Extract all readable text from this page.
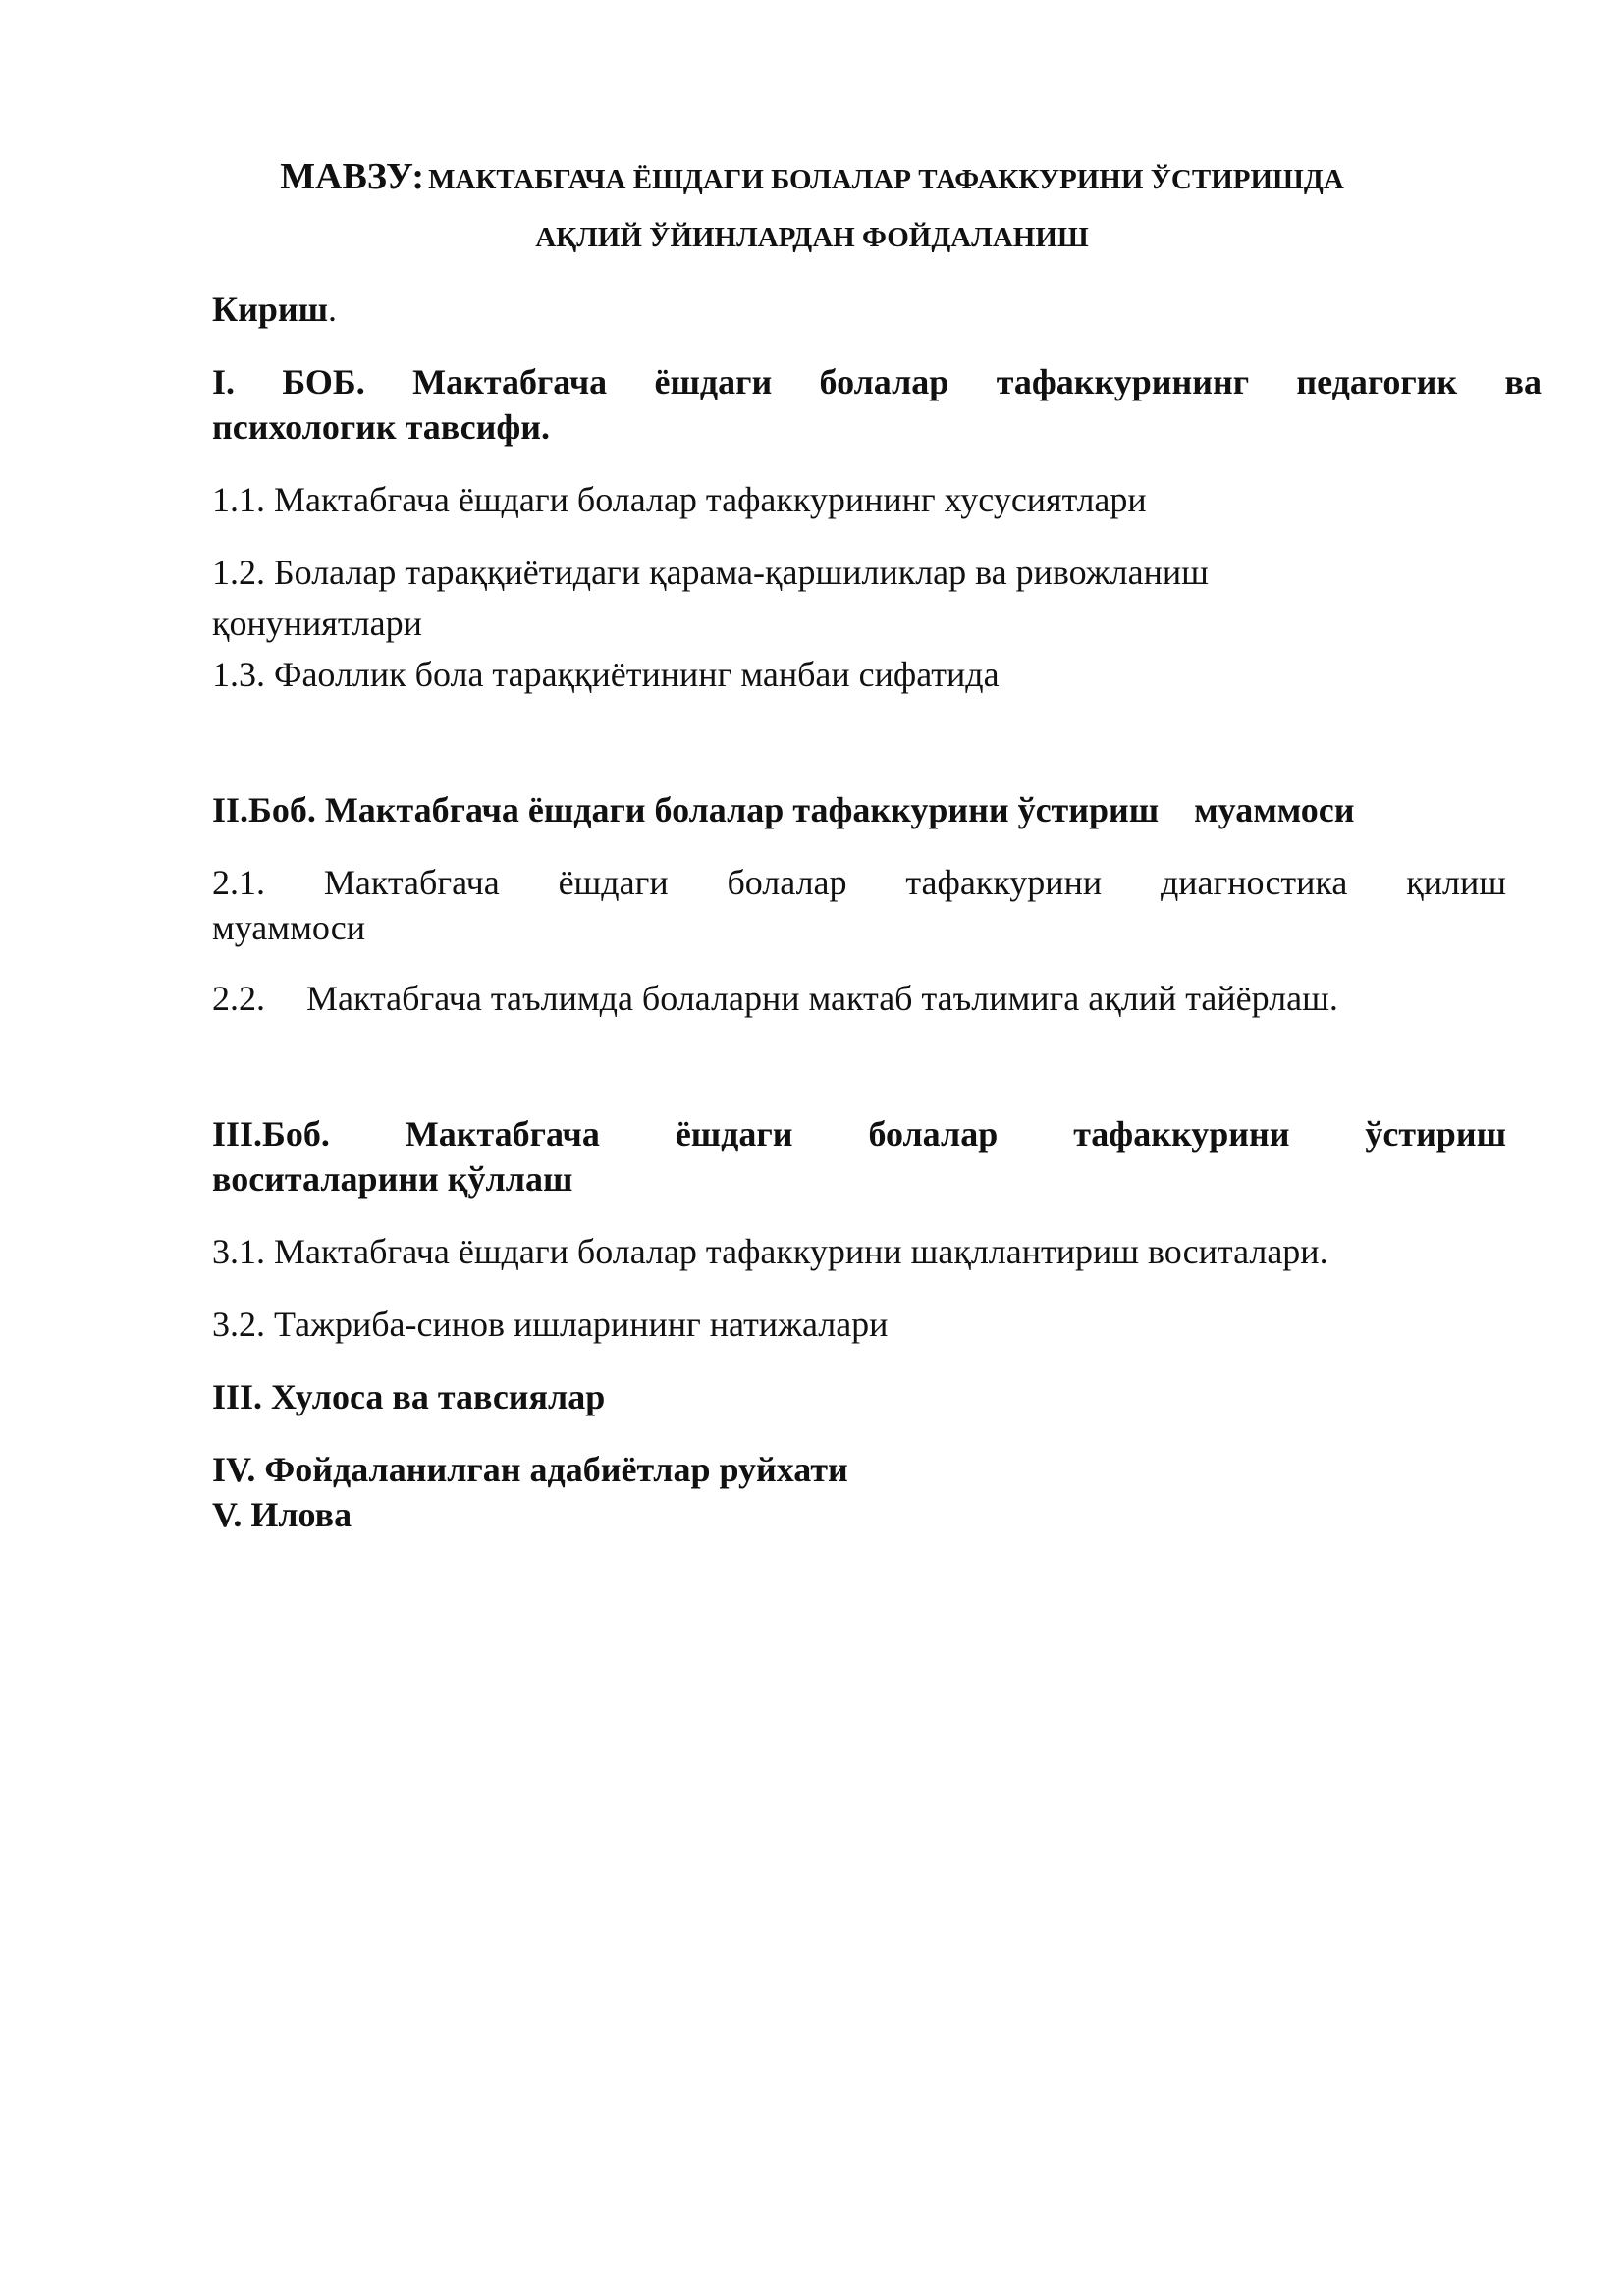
МАВЗУ: МАКТАБГАЧА ЁШДАГИ БОЛАЛАР ТАФАККУРИНИ ЎСТИРИШДА
АҚЛИЙ ЎЙИНЛАРДАН ФОЙДАЛАНИШ
Кириш.
I. БОБ. Мактабгача ёшдаги болалар тафаккурининг педагогик ва
психологик тавсифи.
1.1. Мактабгача ёшдаги болалар тафаккурининг хусусиятлари
1.2. Болалар тараққиётидаги қарама-қаршиликлар ва ривожланиш
қонуниятлари
1.3. Фаоллик бола тараққиётининг манбаи сифатида
II.Боб. Мактабгача ёшдаги болалар тафаккурини ўстириш    муаммоси
2.1. Мактабгача ёшдаги болалар тафаккурини диагностика қилиш
муаммоси
2.2. Мактабгача таълимда болаларни мактаб таълимига ақлий тайёрлаш.
III.Боб. Мактабгача ёшдаги болалар тафаккурини ўстириш
воситаларини қўллаш
3.1. Мактабгача ёшдаги болалар тафаккурини шақллантириш воситалари.
3.2. Тажриба-синов ишларининг натижалари
III. Хулоса ва тавсиялар
IV. Фойдаланилган адабиётлар руйхати
V. Илова
